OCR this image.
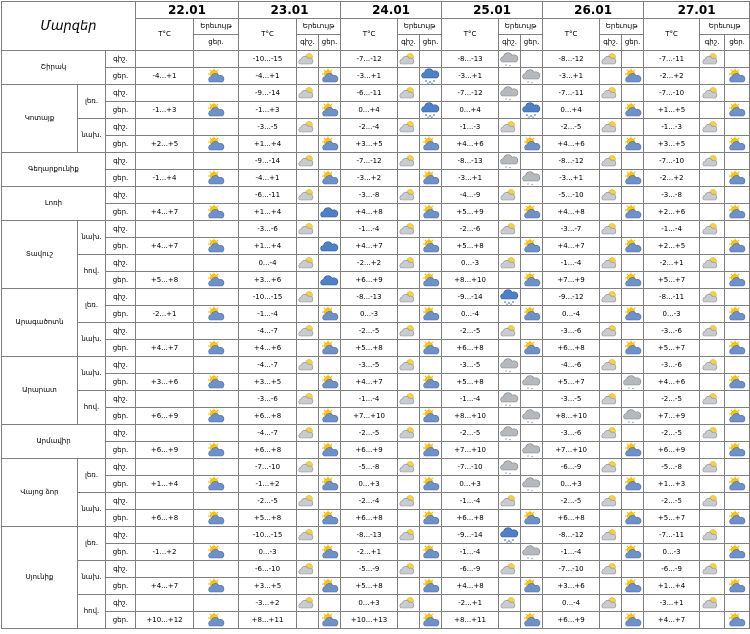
Մարզեր			22.01		23.01			24.01			25.01			26.01			27.01		
			T°C	Երեւույթ	T°C	Երեւույթ		T°C	Երեւույթ		T°C	Երեւույթ		T°C	Երեւույթ		T°C	Երեւույթ	
				ցեր.		գիշ.	ցեր.		գիշ.	ցեր.		գիշ.	ցեր.		գիշ.	ցեր.		գիշ.	ցեր.
Շիրակ		գիշ.			-10...-15			-7...-12			-8...-13			-8...-12			-7...-11		
		ցեր.	-4...+1		-4...+1			-3...+1			-3...+1			-3...+1			-2...+2		
Կոտայք	լեռ.	գիշ.			-9...-14			-6...-11			-7...-12			-7...-11			-7...-10		
		ցեր.	-1...+3		-1...+3			0...+4			0...+4			0...+4			+1...+5		
	նախ.	գիշ.			-3...-5			-2...-4			-1...-3			-2...-5			-1...-3		
		ցեր.	+2...+5		+1...+4			+3...+5			+4...+6			+4...+6			+3...+5		
Գեղարքունիք		գիշ.			-9...-14			-7...-12			-8...-13			-8...-12			-7...-10		
		ցեր.	-1...+4		-4...+1			-3...+2			-3...+1			-3...+1			-2...+2		
Լոռի		գիշ.			-6...-11			-3...-8			-4...-9			-5...-10			-3...-8		
		ցեր.	+4...+7		+1...+4			+4...+8			+5...+9			+4...+8			+2...+6		
Տավուշ	նախ.	գիշ.			-3...-6			-1...-4			-2...-6			-3...-7			-1...-4		
		ցեր.	+4...+7		+1...+4			+4...+7			+5...+8			+4...+7			+2...+5		
	հով.	գիշ.			0...-4			-2...+2			0...-3			-1...-4			-2...+1		
		ցեր.	+5...+8		+3...+6			+6...+9			+8...+10			+7...+9			+5...+7		
Արագածոտն	լեռ.	գիշ.			-10...-15			-8...-13			-9...-14			-9...-12			-8...-11		
		ցեր.	-2...+1		-1...-4			0...-3			0...-4			0...-4			0...-3		
	նախ.	գիշ.			-4...-7			-2...-5			-2...-5			-3...-6			-3...-6		
		ցեր.	+4...+7		+4...+6			+5...+8			+6...+8			+6...+8			+5...+7		
Արարատ	նախ.	գիշ.			-4...-7			-3...-5			-3...-5			-4...-6			-3...-6		
		ցեր.	+3...+6		+3...+5			+4...+7			+5...+8			+5...+7			+4...+6		
	հով.	գիշ.			-3...-6			-1...-4			-1...-4			-3...-5			-2...-5		
		ցեր.	+6...+9		+6...+8			+7...+10			+8...+10			+8...+10			+7...+9		
Արմավիր		գիշ.			-4...-7			-2...-5			-2...-5			-3...-6			-2...-5		
		ցեր.	+6...+9		+6...+8			+6...+9			+7...+10			+7...+10			+6...+9		
Վայոց ձոր	լեռ.	գիշ.			-7...-10			-5...-8			-7...-10			-6...-9			-5...-8		
		ցեր.	+1...+4		-1...+2			0...+3			0...+3			0...+3			+1...+3		
	նախ.	գիշ.			-2...-5			-2...-4			-1...-4			-2...-5			-2...-5		
		ցեր.	+6...+8		+5...+8			+6...+8			+6...+8			+6...+8			+5...+7		
Սյունիք	լեռ.	գիշ.			-10...-15			-8...-13			-9...-14			-8...-12			-7...-11		
		ցեր.	-1...+2		0...-3			-2...+1			-1...-4			-1...-4			0...-3		
	նախ.	գիշ.			-6...-10			-5...-9			-6...-9			-7...-10			-6...-9		
		ցեր.	+4...+7		+3...+5			+5...+8			+4...+8			+3...+6			+1...+4		
	հով.	գիշ.			-3...+2			0...+3			-2...+1			0...-4			-3...+1		
		ցեր.	+10...+12		+8...+11			+10...+13			+8...+11			+6...+9			+4...+7		
